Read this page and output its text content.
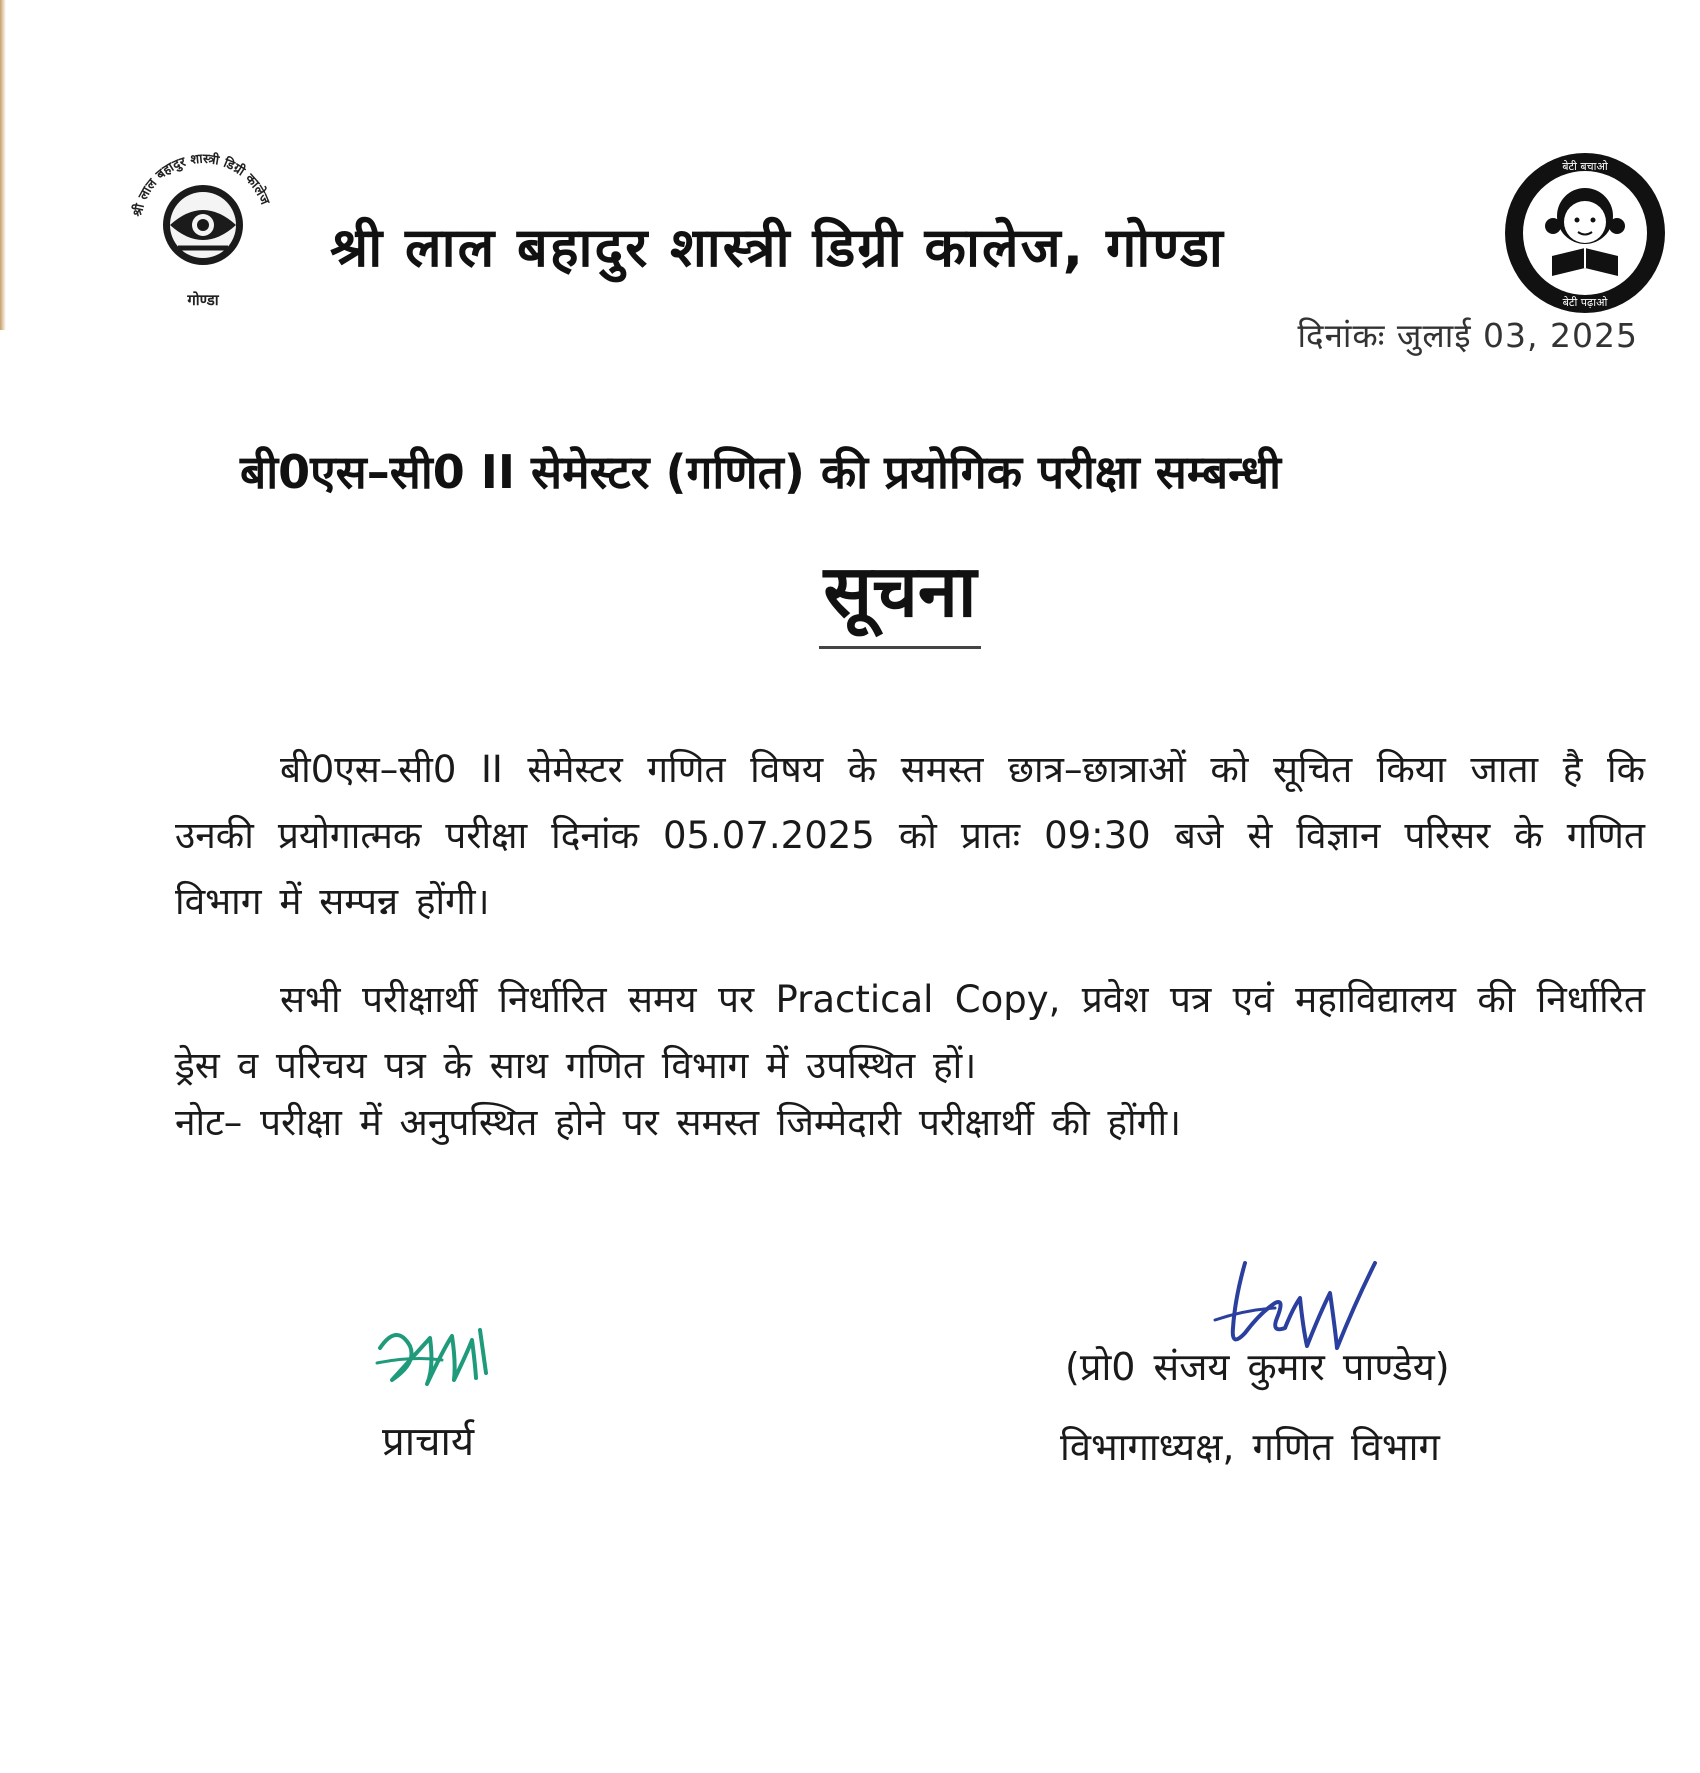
श्री लाल बहादुर शास्त्री डिग्री कालेज
गोण्डा
श्री लाल बहादुर शास्त्री डिग्री कालेज, गोण्डा
बेटी बचाओ
बेटी पढ़ाओ
दिनांकः जुलाई 03, 2025
बी0एस–सी0 II सेमेस्टर (गणित) की प्रयोगिक परीक्षा सम्बन्धी
सूचना

बी0एस–सी0 II सेमेस्टर गणित विषय के समस्त छात्र–छात्राओं को सूचित किया जाता है कि उनकी प्रयोगात्मक परीक्षा दिनांक 05.07.2025 को प्रातः 09:30 बजे से विज्ञान परिसर के गणित विभाग में सम्पन्न होंगी।

सभी परीक्षार्थी निर्धारित समय पर Practical Copy, प्रवेश पत्र एवं महाविद्यालय की निर्धारित ड्रेस व परिचय पत्र के साथ गणित विभाग में उपस्थित हों।

नोट– परीक्षा में अनुपस्थित होने पर समस्त जिम्मेदारी परीक्षार्थी की होंगी।
प्राचार्य
(प्रो0 संजय कुमार पाण्डेय)
विभागाध्यक्ष, गणित विभाग
